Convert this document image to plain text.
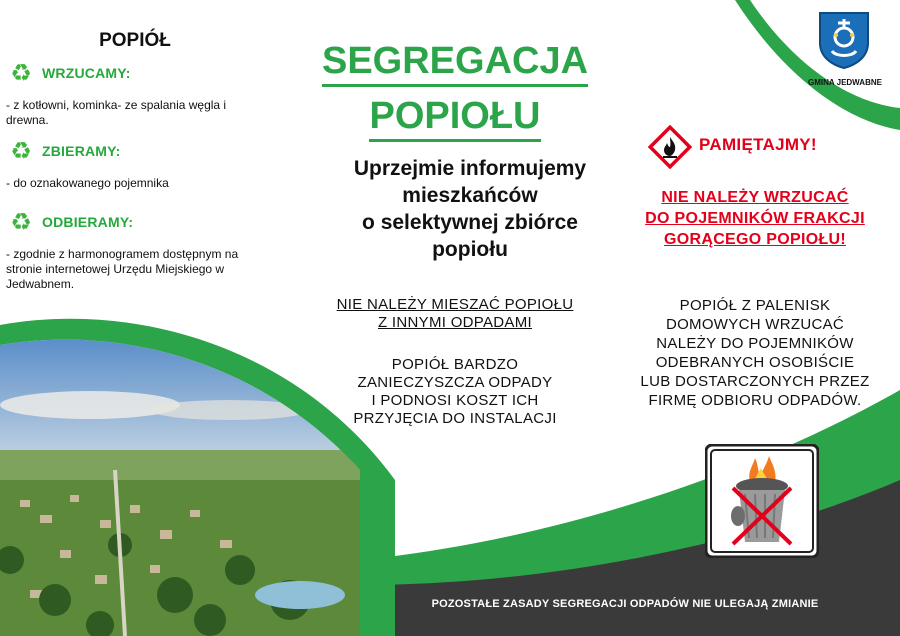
POPIÓŁ
♻ WRZUCAMY:
- z kotłowni, kominka- ze spalania węgla i drewna.
♻ ZBIERAMY:
- do oznakowanego pojemnika
♻ ODBIERAMY:
- zgodnie z harmonogramem dostępnym na stronie internetowej Urzędu Miejskiego w Jedwabnem.
SEGREGACJA
POPIOŁU
Uprzejmie informujemy
mieszkańców
o selektywnej zbiórce
popiołu
NIE NALEŻY MIESZAĆ POPIOŁU
Z INNYMI ODPADAMI
POPIÓŁ BARDZO
ZANIECZYSZCZA ODPADY
I PODNOSI KOSZT ICH
PRZYJĘCIA DO INSTALACJI
PAMIĘTAJMY!
NIE NALEŻY WRZUCAĆ
DO POJEMNIKÓW FRAKCJI
GORĄCEGO POPIOŁU!
POPIÓŁ Z PALENISK
DOMOWYCH WRZUCAĆ
NALEŻY DO POJEMNIKÓW
ODEBRANYCH OSOBIŚCIE
LUB DOSTARCZONYCH PRZEZ
FIRMĘ ODBIORU ODPADÓW.
POZOSTAŁE ZASADY SEGREGACJI ODPADÓW NIE ULEGAJĄ ZMIANIE
GMINA JEDWABNE
